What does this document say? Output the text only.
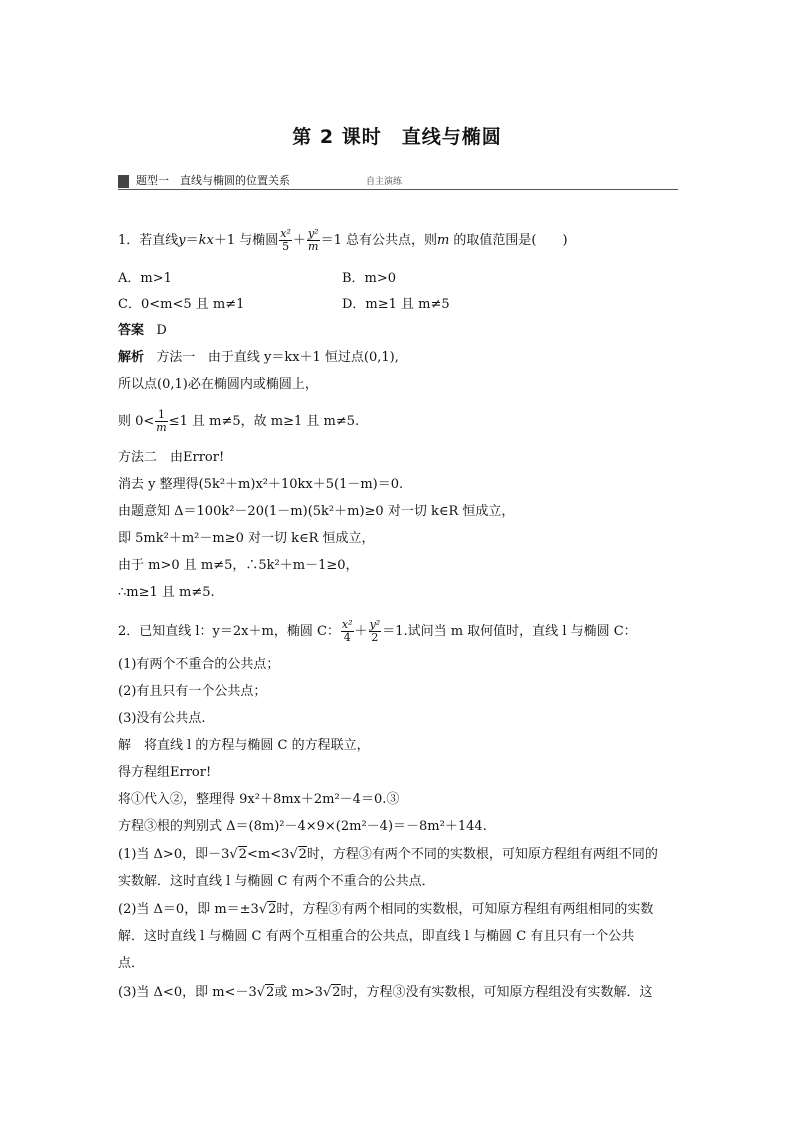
第 2 课时　直线与椭圆
题型一　直线与椭圆的位置关系	自主演练
1．若直线y＝kx＋1 与椭圆 $\frac{\text{x²}}{5} + \frac{\text{y²}}{m} =1$ 总有公共点，则m 的取值范围是(　　)
A．m>1	B．m>0
C．0<m<5 且 m≠1	D．m≥1 且 m≠5
答案 D
解析 方法一 由于直线 y＝kx＋1 恒过点(0,1),
所以点(0,1)必在椭圆内或椭圆上，
则 $0< \frac{1}{m} \le 1$ 且 m≠5，故 m≥1 且 m≠5.
方法二　由Error!
消去 y 整理得(5k²＋m)x²＋10kx＋5(1－m)＝0.
由题意知 Δ＝100k²－20(1－m)(5k²＋m)≥0 对一切 k∈R 恒成立，
即 5mk²＋m²－m≥0 对一切 k∈R 恒成立，
由于 m>0 且 m≠5，∴5k²＋m－1≥0，
∴m≥1 且 m≠5.
2．已知直线 l：y＝2x＋m，椭圆 C： $\frac{\text{x²}}{4} + \frac{\text{y²}}{2} =1$.试问当 m 取何值时，直线 l 与椭圆 C：
(1)有两个不重合的公共点；
(2)有且只有一个公共点；
(3)没有公共点.
解　将直线 l 的方程与椭圆 C 的方程联立，
得方程组Error!
将①代入②，整理得 9x²＋8mx＋2m²－4＝0.③
方程③根的判别式 Δ＝(8m)²－4×9×(2m²－4)＝－8m²＋144.
(1)当 Δ>0，即－3√2<m<3√2时，方程③有两个不同的实数根，可知原方程组有两组不同的
实数解．这时直线 l 与椭圆 C 有两个不重合的公共点．
(2)当 Δ＝0，即 m＝±3√2时，方程③有两个相同的实数根，可知原方程组有两组相同的实数
解．这时直线 l 与椭圆 C 有两个互相重合的公共点，即直线 l 与椭圆 C 有且只有一个公共
点．
(3)当 Δ<0，即 m<－3√2或 m>3√2时，方程③没有实数根，可知原方程组没有实数解．这
